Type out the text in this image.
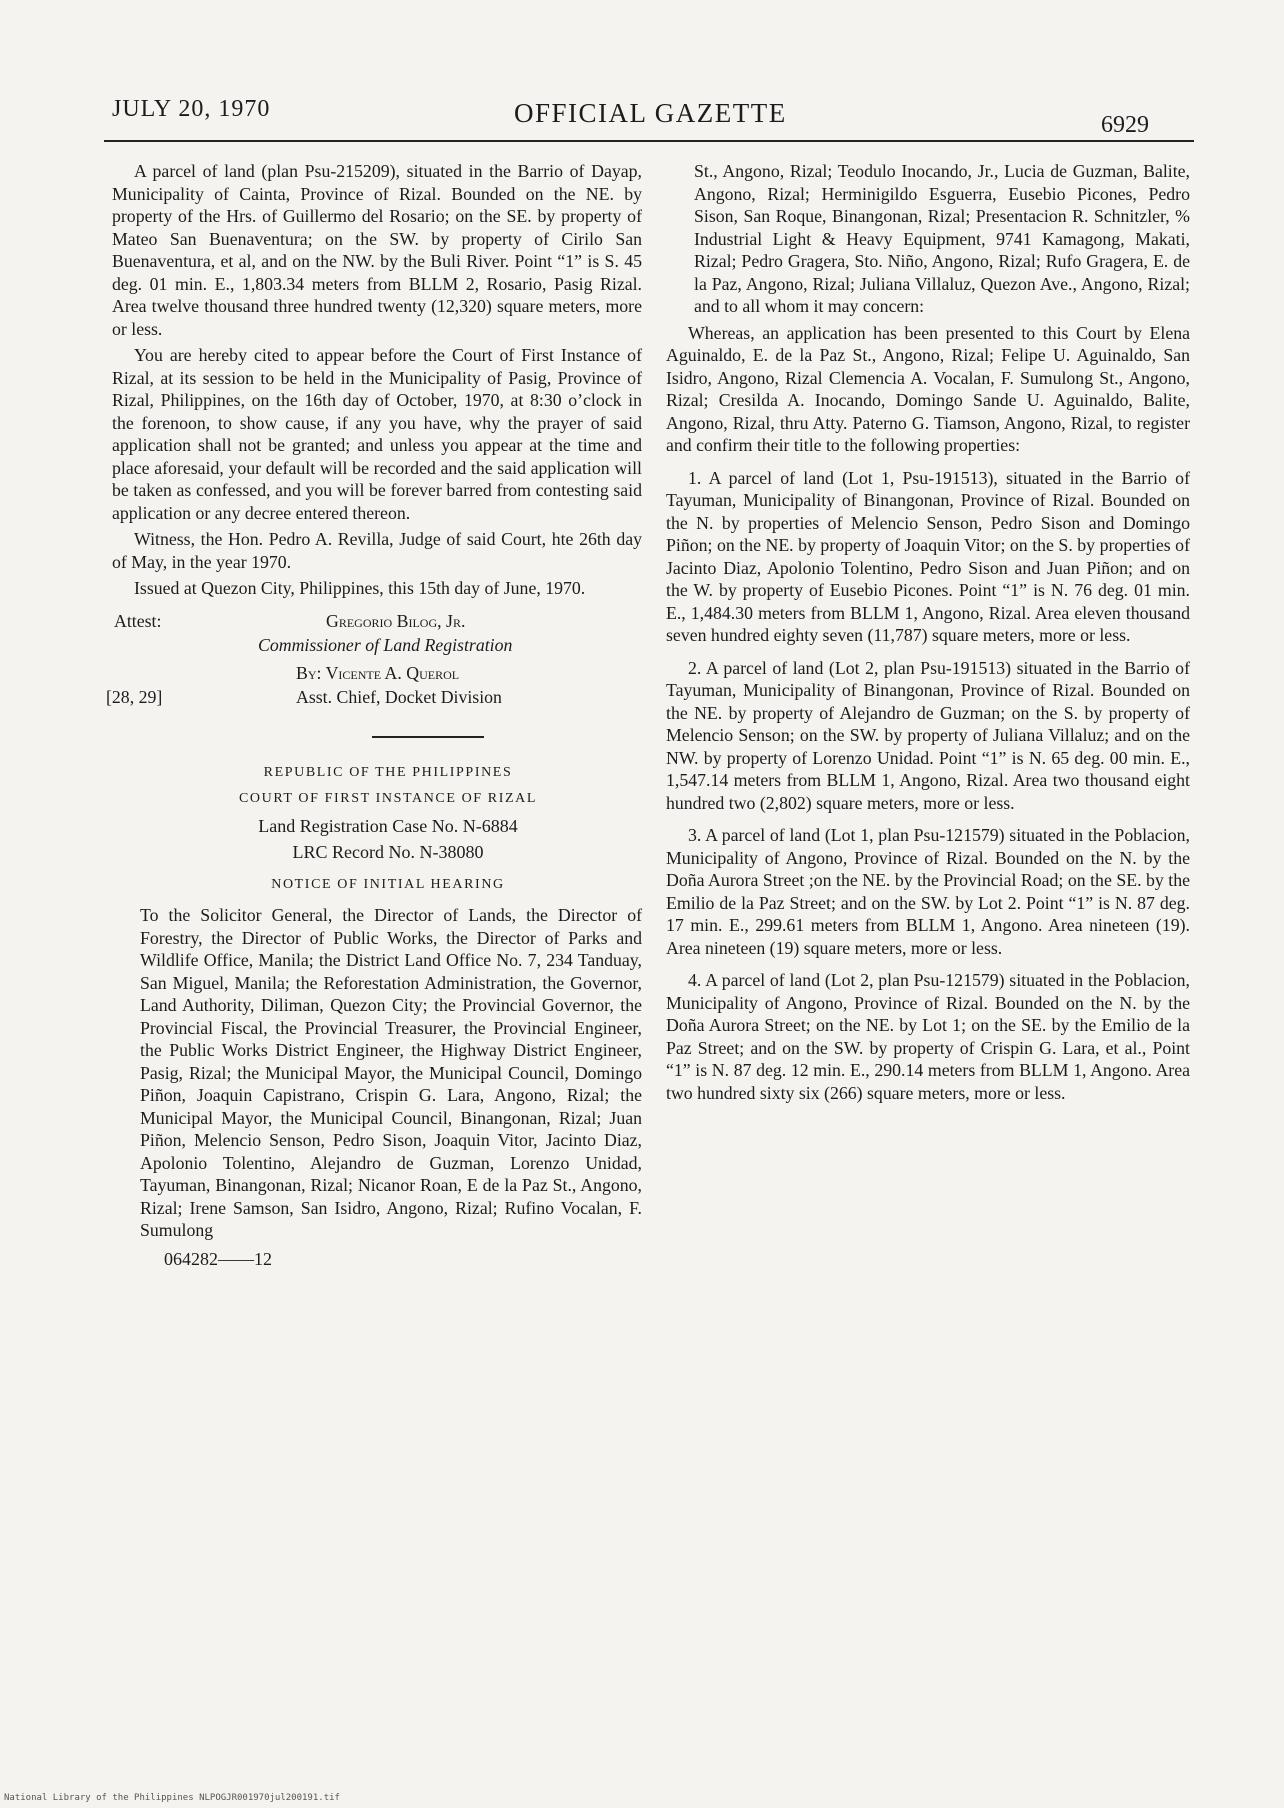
JULY 20, 1970	OFFICIAL GAZETTE	6929

A parcel of land (plan Psu-215209), situated in the Barrio of Dayap, Municipality of Cainta, Province of Rizal. Bounded on the NE. by property of the Hrs. of Guillermo del Rosario; on the SE. by property of Mateo San Buenaventura; on the SW. by property of Cirilo San Buenaventura, et al, and on the NW. by the Buli River. Point “1” is S. 45 deg. 01 min. E., 1,803.34 meters from BLLM 2, Rosario, Pasig Rizal. Area twelve thousand three hundred twenty (12,320) square meters, more or less.

You are hereby cited to appear before the Court of First Instance of Rizal, at its session to be held in the Municipality of Pasig, Province of Rizal, Philippines, on the 16th day of October, 1970, at 8:30 o’clock in the forenoon, to show cause, if any you have, why the prayer of said application shall not be granted; and unless you appear at the time and place aforesaid, your default will be recorded and the said application will be taken as confessed, and you will be forever barred from contesting said application or any decree entered thereon.

Witness, the Hon. Pedro A. Revilla, Judge of said Court, hte 26th day of May, in the year 1970.

Issued at Quezon City, Philippines, this 15th day of June, 1970.

Attest:	Gregorio Bilog, Jr.
Commissioner of Land Registration
By: Vicente A. Querol
[28, 29]	Asst. Chief, Docket Division

REPUBLIC OF THE PHILIPPINES

COURT OF FIRST INSTANCE OF RIZAL

Land Registration Case No. N-6884

LRC Record No. N-38080

NOTICE OF INITIAL HEARING

To the Solicitor General, the Director of Lands, the Director of Forestry, the Director of Public Works, the Director of Parks and Wildlife Office, Manila; the District Land Office No. 7, 234 Tanduay, San Miguel, Manila; the Reforestation Administration, the Governor, Land Authority, Diliman, Quezon City; the Provincial Governor, the Provincial Fiscal, the Provincial Treasurer, the Provincial Engineer, the Public Works District Engineer, the Highway District Engineer, Pasig, Rizal; the Municipal Mayor, the Municipal Council, Domingo Piñon, Joaquin Capistrano, Crispin G. Lara, Angono, Rizal; the Municipal Mayor, the Municipal Council, Binangonan, Rizal; Juan Piñon, Melencio Senson, Pedro Sison, Joaquin Vitor, Jacinto Diaz, Apolonio Tolentino, Alejandro de Guzman, Lorenzo Unidad, Tayuman, Binangonan, Rizal; Nicanor Roan, E de la Paz St., Angono, Rizal; Irene Samson, San Isidro, Angono, Rizal; Rufino Vocalan, F. Sumulong

064282——12

St., Angono, Rizal; Teodulo Inocando, Jr., Lucia de Guzman, Balite, Angono, Rizal; Herminigildo Esguerra, Eusebio Picones, Pedro Sison, San Roque, Binangonan, Rizal; Presentacion R. Schnitzler, % Industrial Light & Heavy Equipment, 9741 Kamagong, Makati, Rizal; Pedro Gragera, Sto. Niño, Angono, Rizal; Rufo Gragera, E. de la Paz, Angono, Rizal; Juliana Villaluz, Quezon Ave., Angono, Rizal; and to all whom it may concern:

Whereas, an application has been presented to this Court by Elena Aguinaldo, E. de la Paz St., Angono, Rizal; Felipe U. Aguinaldo, San Isidro, Angono, Rizal Clemencia A. Vocalan, F. Sumulong St., Angono, Rizal; Cresilda A. Inocando, Domingo Sande U. Aguinaldo, Balite, Angono, Rizal, thru Atty. Paterno G. Tiamson, Angono, Rizal, to register and confirm their title to the following properties:

1. A parcel of land (Lot 1, Psu-191513), situated in the Barrio of Tayuman, Municipality of Binangonan, Province of Rizal. Bounded on the N. by properties of Melencio Senson, Pedro Sison and Domingo Piñon; on the NE. by property of Joaquin Vitor; on the S. by properties of Jacinto Diaz, Apolonio Tolentino, Pedro Sison and Juan Piñon; and on the W. by property of Eusebio Picones. Point “1” is N. 76 deg. 01 min. E., 1,484.30 meters from BLLM 1, Angono, Rizal. Area eleven thousand seven hundred eighty seven (11,787) square meters, more or less.

2. A parcel of land (Lot 2, plan Psu-191513) situated in the Barrio of Tayuman, Municipality of Binangonan, Province of Rizal. Bounded on the NE. by property of Alejandro de Guzman; on the S. by property of Melencio Senson; on the SW. by property of Juliana Villaluz; and on the NW. by property of Lorenzo Unidad. Point “1” is N. 65 deg. 00 min. E., 1,547.14 meters from BLLM 1, Angono, Rizal. Area two thousand eight hundred two (2,802) square meters, more or less.

3. A parcel of land (Lot 1, plan Psu-121579) situated in the Poblacion, Municipality of Angono, Province of Rizal. Bounded on the N. by the Doña Aurora Street ;on the NE. by the Provincial Road; on the SE. by the Emilio de la Paz Street; and on the SW. by Lot 2. Point “1” is N. 87 deg. 17 min. E., 299.61 meters from BLLM 1, Angono. Area nineteen (19). Area nineteen (19) square meters, more or less.

4. A parcel of land (Lot 2, plan Psu-121579) situated in the Poblacion, Municipality of Angono, Province of Rizal. Bounded on the N. by the Doña Aurora Street; on the NE. by Lot 1; on the SE. by the Emilio de la Paz Street; and on the SW. by property of Crispin G. Lara, et al., Point “1” is N. 87 deg. 12 min. E., 290.14 meters from BLLM 1, Angono. Area two hundred sixty six (266) square meters, more or less.

National Library of the Philippines NLPOGJR001970jul200191.tif
